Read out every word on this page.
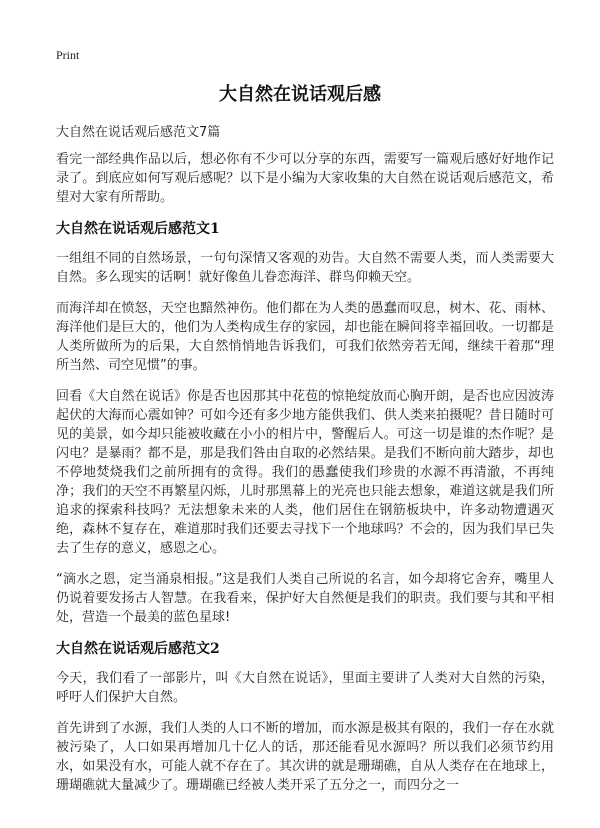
Print
大自然在说话观后感
大自然在说话观后感范文7篇

看完一部经典作品以后，想必你有不少可以分享的东西，需要写一篇观后感好好地作记录了。到底应如何写观后感呢？以下是小编为大家收集的大自然在说话观后感范文，希望对大家有所帮助。

大自然在说话观后感范文1

一组组不同的自然场景，一句句深情又客观的劝告。大自然不需要人类，而人类需要大自然。多么现实的话啊！就好像鱼儿眷恋海洋、群鸟仰赖天空。

而海洋却在愤怒，天空也黯然神伤。他们都在为人类的愚蠢而叹息，树木、花、雨林、海洋他们是巨大的，他们为人类构成生存的家园，却也能在瞬间将幸福回收。一切都是人类所做所为的后果，大自然悄悄地告诉我们，可我们依然旁若无闻，继续干着那“理所当然、司空见惯”的事。

回看《大自然在说话》你是否也因那其中花苞的惊艳绽放而心胸开朗，是否也应因波涛起伏的大海而心震如钟？可如今还有多少地方能供我们、供人类来拍摄呢？昔日随时可见的美景，如今却只能被收藏在小小的相片中，警醒后人。可这一切是谁的杰作呢？是闪电？是暴雨？都不是，那是我们咎由自取的必然结果。是我们不断向前大踏步，却也不停地焚烧我们之前所拥有的贪得。我们的愚蠢使我们珍贵的水源不再清澈，不再纯净；我们的天空不再繁星闪烁，儿时那黑幕上的光亮也只能去想象，难道这就是我们所追求的探索科技吗？无法想象未来的人类，他们居住在钢筋板块中，许多动物遭遇灭绝，森林不复存在，难道那时我们还要去寻找下一个地球吗？不会的，因为我们早已失去了生存的意义，感恩之心。

“滴水之恩，定当涌泉相报。”这是我们人类自己所说的名言，如今却将它舍弃，嘴里人仍说着要发扬古人智慧。在我看来，保护好大自然便是我们的职责。我们要与其和平相处，营造一个最美的蓝色星球!

大自然在说话观后感范文2

今天，我们看了一部影片，叫《大自然在说话》，里面主要讲了人类对大自然的污染，呼吁人们保护大自然。

首先讲到了水源，我们人类的人口不断的增加，而水源是极其有限的，我们一存在水就被污染了，人口如果再增加几十亿人的话，那还能看见水源吗？所以我们必须节约用水，如果没有水，可能人就不存在了。其次讲的就是珊瑚礁，自从人类存在在地球上，珊瑚礁就大量减少了。珊瑚礁已经被人类开采了五分之一，而四分之一
